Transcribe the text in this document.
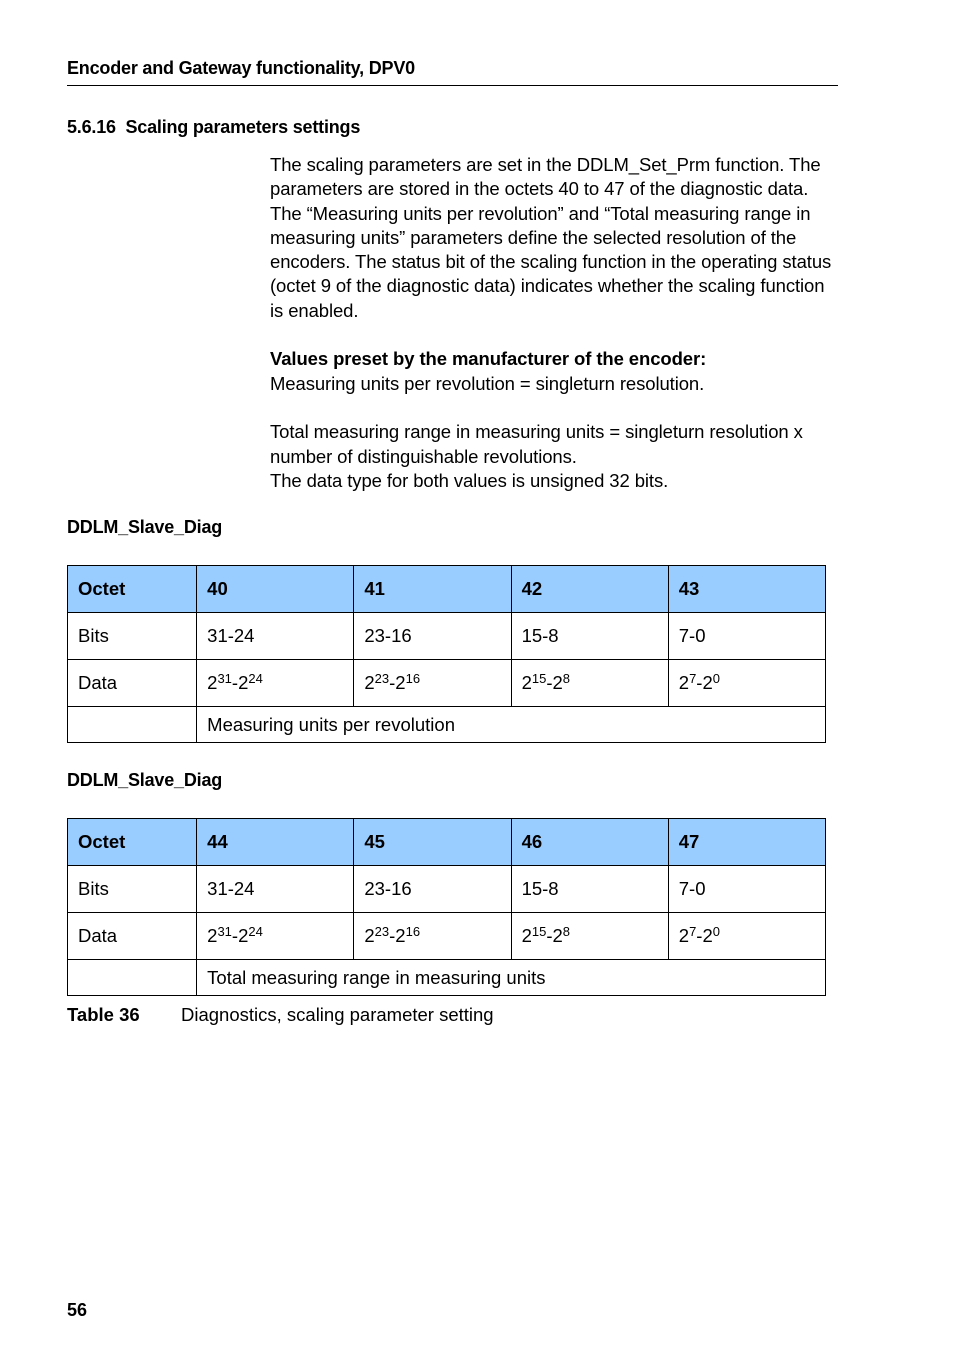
Encoder and Gateway functionality, DPV0
5.6.16 Scaling parameters settings

The scaling parameters are set in the DDLM_Set_Prm function. The parameters are stored in the octets 40 to 47 of the diagnostic data. The “Measuring units per revolution” and “Total measuring range in measuring units” parameters define the selected resolution of the encoders. The status bit of the scaling function in the operating status (octet 9 of the diagnostic data) indicates whether the scaling function is enabled.

Values preset by the manufacturer of the encoder:

Measuring units per revolution = singleturn resolution.

Total measuring range in measuring units = singleturn resolution x number of distinguishable revolutions.

The data type for both values is unsigned 32 bits.

DDLM_Slave_Diag
Octet	40	41	42	43
Bits	31-24	23-16	15-8	7-0
Data	$2^{31}-2^{24}$	$2^{23}-2^{16}$	$2^{15}-2^8$	$2^7-2^0$
	Measuring units per revolution			
DDLM_Slave_Diag
Octet	44	45	46	47
Bits	31-24	23-16	15-8	7-0
Data	$2^{31}-2^{24}$	$2^{23}-2^{16}$	$2^{15}-2^8$	$2^7-2^0$
	Total measuring range in measuring units			
Table 36 Diagnostics, scaling parameter setting
56
